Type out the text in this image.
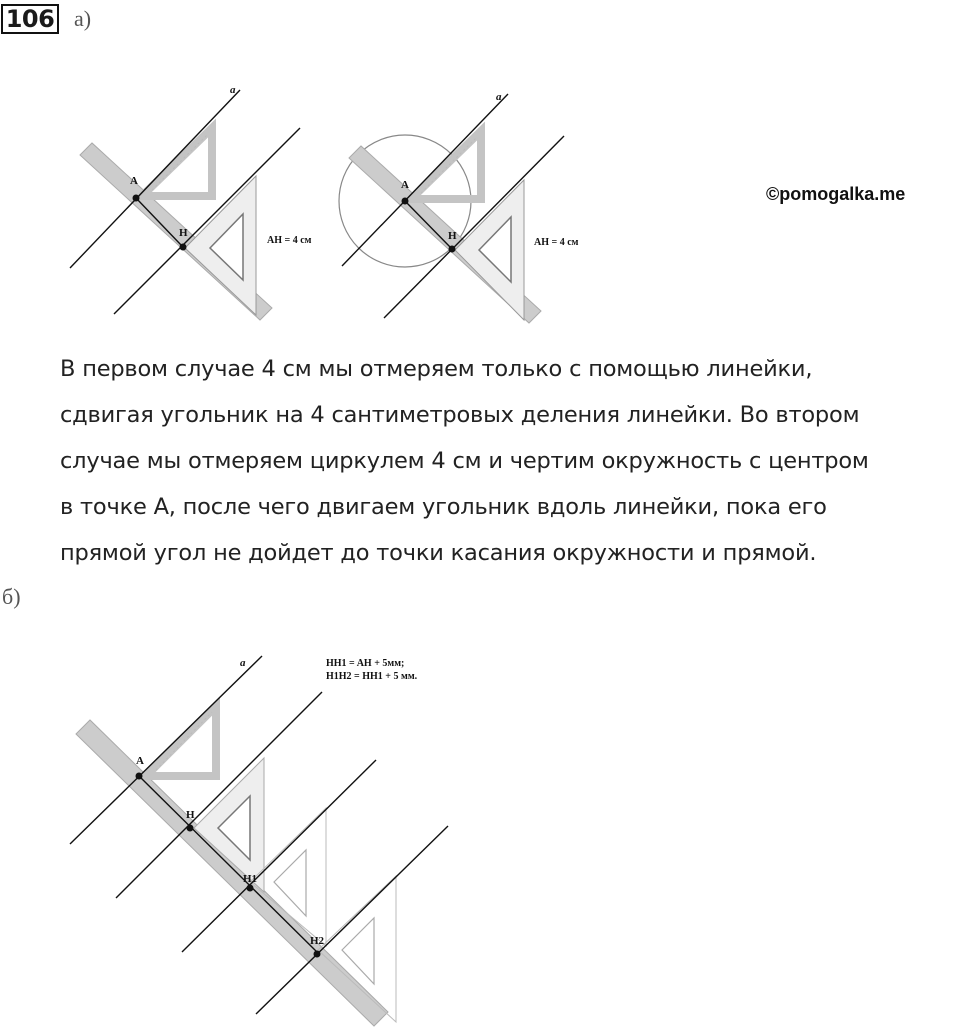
106 а)
©pomogalka.me
a
A
H
AH = 4 см
a
A
H
AH = 4 см
В первом случае 4 см мы отмеряем только с помощью линейки,
сдвигая угольник на 4 сантиметровых деления линейки. Во втором
случае мы отмеряем циркулем 4 см и чертим окружность с центром
в точке А, после чего двигаем угольник вдоль линейки, пока его
прямой угол не дойдет до точки касания окружности и прямой.
б)
HH1 = AH + 5мм;
H1H2 = HH1 + 5 мм.
a
A
H
H1
H2
